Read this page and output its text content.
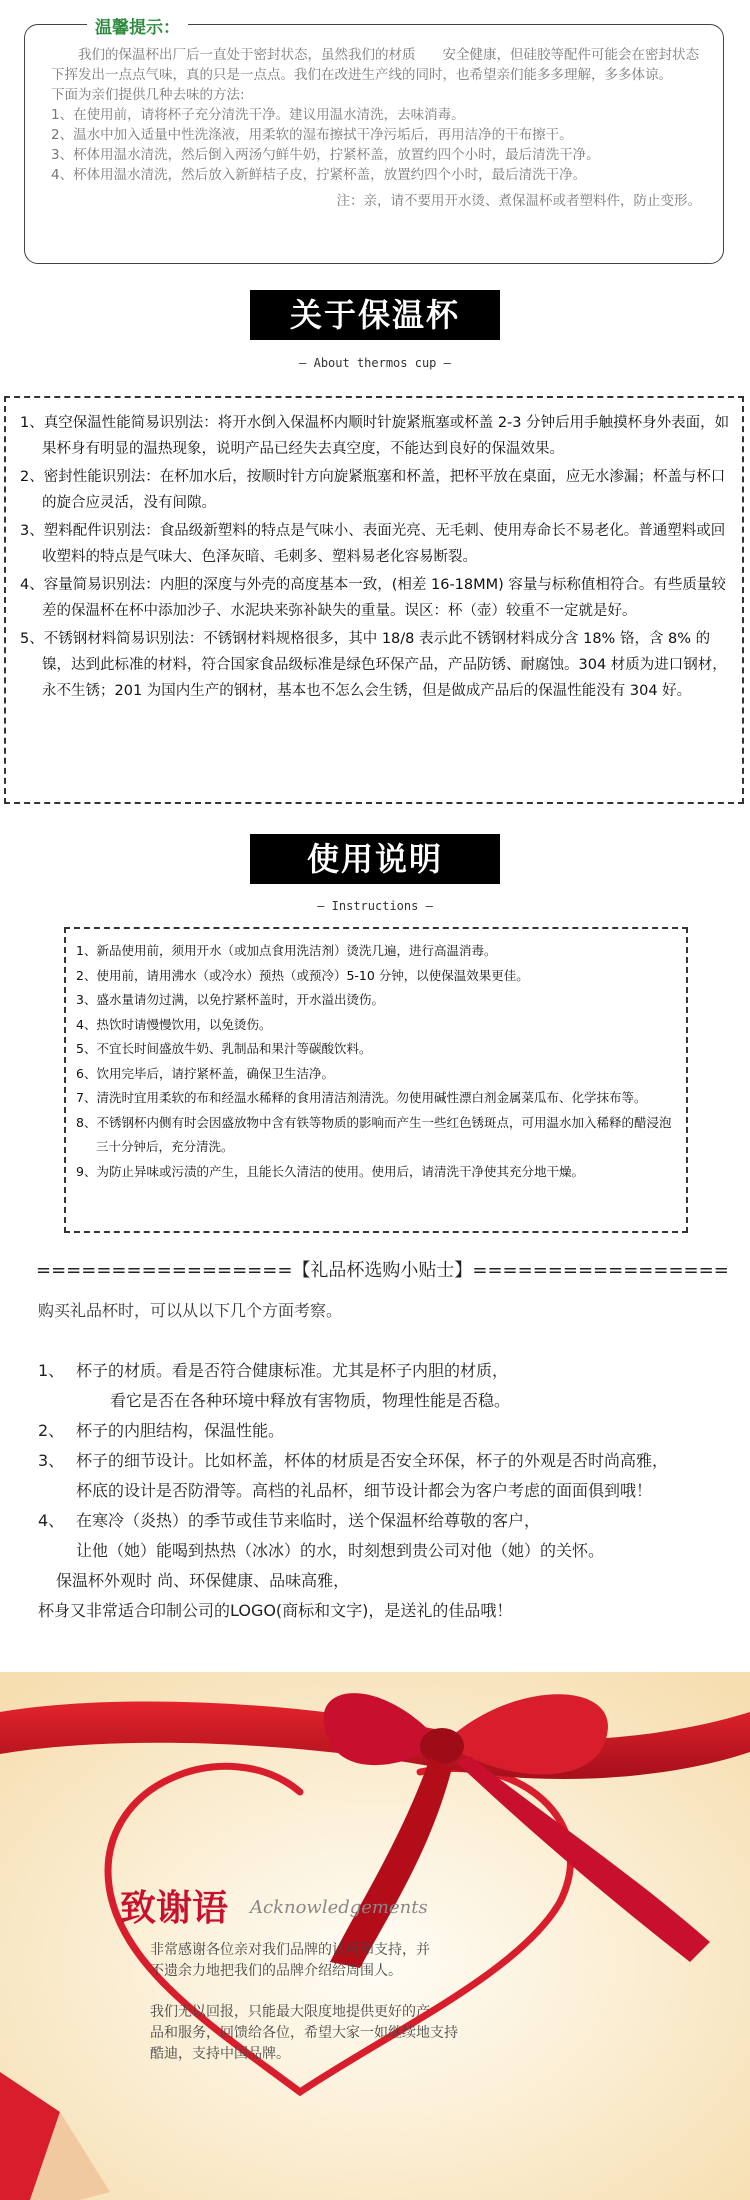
温馨提示：

我们的保温杯出厂后一直处于密封状态，虽然我们的材质　　安全健康，但硅胶等配件可能会在密封状态下挥发出一点点气味，真的只是一点点。我们在改进生产线的同时，也希望亲们能多多理解，多多体谅。

下面为亲们提供几种去味的方法:

1、在使用前，请将杯子充分清洗干净。建议用温水清洗，去味消毒。

2、温水中加入适量中性洗涤液，用柔软的湿布擦拭干净污垢后，再用洁净的干布擦干。

3、杯体用温水清洗，然后倒入两汤勺鲜牛奶，拧紧杯盖，放置约四个小时，最后清洗干净。

4、杯体用温水清洗，然后放入新鲜桔子皮，拧紧杯盖，放置约四个小时，最后清洗干净。

注：亲，请不要用开水烫、煮保温杯或者塑料件，防止变形。
关于保温杯
— About thermos cup —

1、真空保温性能简易识别法：将开水倒入保温杯内顺时针旋紧瓶塞或杯盖 2-3 分钟后用手触摸杯身外表面，如果杯身有明显的温热现象，说明产品已经失去真空度，不能达到良好的保温效果。

2、密封性能识别法：在杯加水后，按顺时针方向旋紧瓶塞和杯盖，把杯平放在桌面，应无水渗漏；杯盖与杯口的旋合应灵活，没有间隙。

3、塑料配件识别法：食品级新塑料的特点是气味小、表面光亮、无毛刺、使用寿命长不易老化。普通塑料或回收塑料的特点是气味大、色泽灰暗、毛刺多、塑料易老化容易断裂。

4、容量简易识别法：内胆的深度与外壳的高度基本一致，(相差 16-18MM) 容量与标称值相符合。有些质量较差的保温杯在杯中添加沙子、水泥块来弥补缺失的重量。误区：杯（壶）较重不一定就是好。

5、不锈钢材料简易识别法：不锈钢材料规格很多，其中 18/8 表示此不锈钢材料成分含 18% 铬，含 8% 的镍，达到此标准的材料，符合国家食品级标准是绿色环保产品，产品防锈、耐腐蚀。304 材质为进口钢材，永不生锈；201 为国内生产的钢材，基本也不怎么会生锈，但是做成产品后的保温性能没有 304 好。

使用说明
— Instructions —

1、新品使用前，须用开水（或加点食用洗洁剂）烫洗几遍，进行高温消毒。

2、使用前，请用沸水（或冷水）预热（或预冷）5-10 分钟，以使保温效果更佳。

3、盛水量请勿过满，以免拧紧杯盖时，开水溢出烫伤。

4、热饮时请慢慢饮用，以免烫伤。

5、不宜长时间盛放牛奶、乳制品和果汁等碳酸饮料。

6、饮用完毕后，请拧紧杯盖，确保卫生洁净。

7、清洗时宜用柔软的布和经温水稀释的食用清洁剂清洗。勿使用碱性漂白剂金属菜瓜布、化学抹布等。

8、不锈钢杯内侧有时会因盛放物中含有铁等物质的影响而产生一些红色锈斑点，可用温水加入稀释的醋浸泡三十分钟后，充分清洗。

9、为防止异味或污渍的产生，且能长久清洁的使用。使用后，请清洗干净使其充分地干燥。

=================【礼品杯选购小贴士】=================
购买礼品杯时，可以从以下几个方面考察。
1、 杯子的材质。看是否符合健康标准。尤其是杯子内胆的材质，
看它是否在各种环境中释放有害物质，物理性能是否稳。
2、 杯子的内胆结构，保温性能。
3、 杯子的细节设计。比如杯盖，杯体的材质是否安全环保，杯子的外观是否时尚高雅，
杯底的设计是否防滑等。高档的礼品杯，细节设计都会为客户考虑的面面俱到哦！
4、 在寒冷（炎热）的季节或佳节来临时，送个保温杯给尊敬的客户，
让他（她）能喝到热热（冰冰）的水，时刻想到贵公司对他（她）的关怀。
保温杯外观时 尚、环保健康、品味高雅，
杯身又非常适合印制公司的LOGO(商标和文字)，是送礼的佳品哦！
致谢语 Acknowledgements
非常感谢各位亲对我们品牌的认可和支持，并
不遗余力地把我们的品牌介绍给周围人。
我们无以回报，只能最大限度地提供更好的产
品和服务，回馈给各位，希望大家一如继续地支持
酷迪，支持中国品牌。
